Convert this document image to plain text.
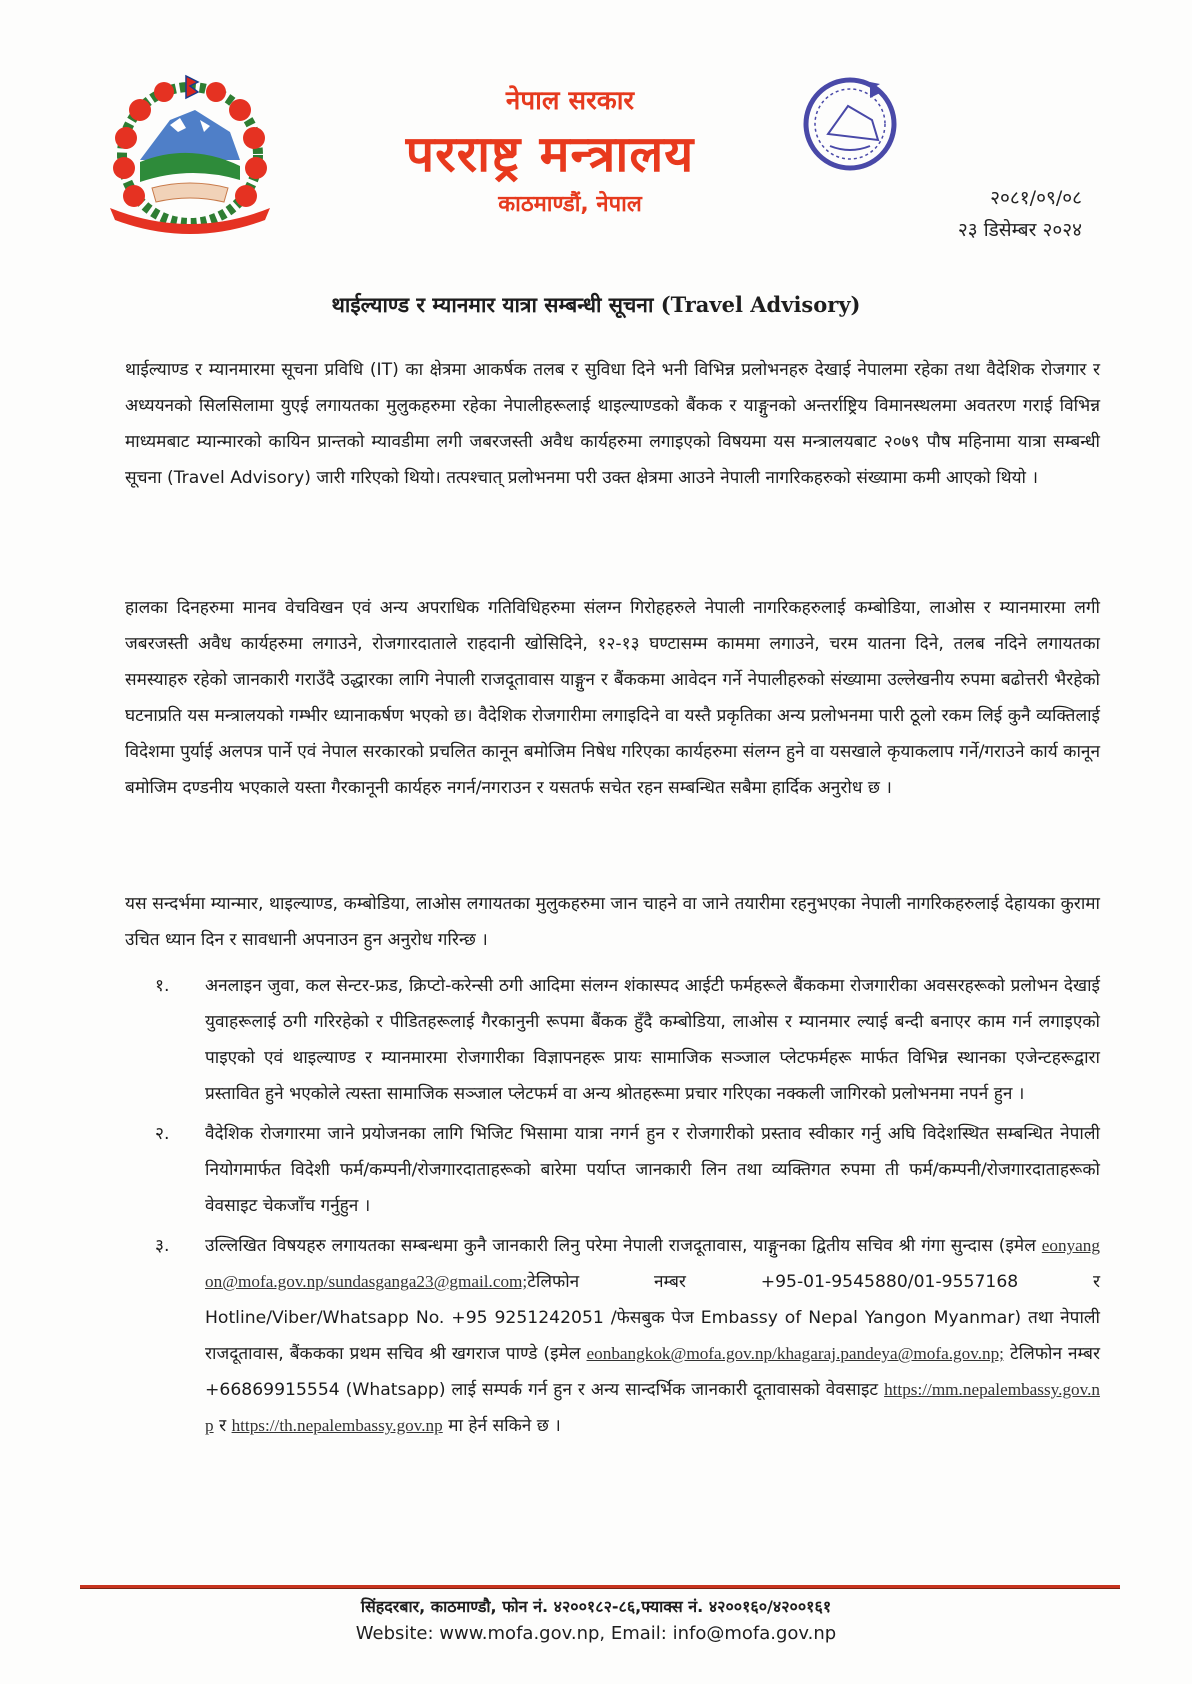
नेपाल सरकार
परराष्ट्र मन्त्रालय
काठमाण्डौं, नेपाल	२०८१/०९/०८
२३ डिसेम्बर २०२४
थाईल्याण्ड र म्यानमार यात्रा सम्बन्धी सूचना (Travel Advisory)
थाईल्याण्ड र म्यानमारमा सूचना प्रविधि (IT) का क्षेत्रमा आकर्षक तलब र सुविधा दिने भनी विभिन्न प्रलोभनहरु देखाई नेपालमा रहेका तथा वैदेशिक रोजगार र अध्ययनको सिलसिलामा युएई लगायतका मुलुकहरुमा रहेका नेपालीहरूलाई थाइल्याण्डको बैंकक र याङ्गुनको अन्तर्राष्ट्रिय विमानस्थलमा अवतरण गराई विभिन्न माध्यमबाट म्यान्मारको कायिन प्रान्तको म्यावडीमा लगी जबरजस्ती अवैध कार्यहरुमा लगाइएको विषयमा यस मन्त्रालयबाट २०७९ पौष महिनामा यात्रा सम्बन्धी सूचना (Travel Advisory) जारी गरिएको थियो। तत्पश्चात् प्रलोभनमा परी उक्त क्षेत्रमा आउने नेपाली नागरिकहरुको संख्यामा कमी आएको थियो ।
हालका दिनहरुमा मानव वेचविखन एवं अन्य अपराधिक गतिविधिहरुमा संलग्न गिरोहहरुले नेपाली नागरिकहरुलाई कम्बोडिया, लाओस र म्यानमारमा लगी जबरजस्ती अवैध कार्यहरुमा लगाउने, रोजगारदाताले राहदानी खोसिदिने, १२-१३ घण्टासम्म काममा लगाउने, चरम यातना दिने, तलब नदिने लगायतका समस्याहरु रहेको जानकारी गराउँदै उद्धारका लागि नेपाली राजदूतावास याङ्गुन र बैंककमा आवेदन गर्ने नेपालीहरुको संख्यामा उल्लेखनीय रुपमा बढोत्तरी भैरहेको घटनाप्रति यस मन्त्रालयको गम्भीर ध्यानाकर्षण भएको छ। वैदेशिक रोजगारीमा लगाइदिने वा यस्तै प्रकृतिका अन्य प्रलोभनमा पारी ठूलो रकम लिई कुनै व्यक्तिलाई विदेशमा पुर्याई अलपत्र पार्ने एवं नेपाल सरकारको प्रचलित कानून बमोजिम निषेध गरिएका कार्यहरुमा संलग्न हुने वा यसखाले कृयाकलाप गर्ने/गराउने कार्य कानून बमोजिम दण्डनीय भएकाले यस्ता गैरकानूनी कार्यहरु नगर्न/नगराउन र यसतर्फ सचेत रहन सम्बन्धित सबैमा हार्दिक अनुरोध छ ।
यस सन्दर्भमा म्यान्मार, थाइल्याण्ड, कम्बोडिया, लाओस लगायतका मुलुकहरुमा जान चाहने वा जाने तयारीमा रहनुभएका नेपाली नागरिकहरुलाई देहायका कुरामा उचित ध्यान दिन र सावधानी अपनाउन हुन अनुरोध गरिन्छ ।
१.	अनलाइन जुवा, कल सेन्टर-फ्रड, क्रिप्टो-करेन्सी ठगी आदिमा संलग्न शंकास्पद आईटी फर्महरूले बैंककमा रोजगारीका अवसरहरूको प्रलोभन देखाई युवाहरूलाई ठगी गरिरहेको र पीडितहरूलाई गैरकानुनी रूपमा बैंकक हुँदै कम्बोडिया, लाओस र म्यानमार ल्याई बन्दी बनाएर काम गर्न लगाइएको पाइएको एवं थाइल्याण्ड र म्यानमारमा रोजगारीका विज्ञापनहरू प्रायः सामाजिक सञ्जाल प्लेटफर्महरू मार्फत विभिन्न स्थानका एजेन्टहरूद्वारा प्रस्तावित हुने भएकोले त्यस्ता सामाजिक सञ्जाल प्लेटफर्म वा अन्य श्रोतहरूमा प्रचार गरिएका नक्कली जागिरको प्रलोभनमा नपर्न हुन ।
२.	वैदेशिक रोजगारमा जाने प्रयोजनका लागि भिजिट भिसामा यात्रा नगर्न हुन र रोजगारीको प्रस्ताव स्वीकार गर्नु अघि विदेशस्थित सम्बन्धित नेपाली नियोगमार्फत विदेशी फर्म/कम्पनी/रोजगारदाताहरूको बारेमा पर्याप्त जानकारी लिन तथा व्यक्तिगत रुपमा ती फर्म/कम्पनी/रोजगारदाताहरूको वेवसाइट चेकजाँच गर्नुहुन ।
३.	उल्लिखित विषयहरु लगायतका सम्बन्धमा कुनै जानकारी लिनु परेमा नेपाली राजदूतावास, याङ्गुनका द्वितीय सचिव श्री गंगा सुन्दास (इमेल eonyangon@mofa.gov.np/sundasganga23@gmail.com;टेलिफोन नम्बर +95-01-9545880/01-9557168 र Hotline/Viber/Whatsapp No. +95 9251242051 /फेसबुक पेज Embassy of Nepal Yangon Myanmar) तथा नेपाली राजदूतावास, बैंककका प्रथम सचिव श्री खगराज पाण्डे (इमेल eonbangkok@mofa.gov.np/khagaraj.pandeya@mofa.gov.np; टेलिफोन नम्बर +66869915554 (Whatsapp) लाई सम्पर्क गर्न हुन र अन्य सान्दर्भिक जानकारी दूतावासको वेवसाइट https://mm.nepalembassy.gov.np र https://th.nepalembassy.gov.np मा हेर्न सकिने छ ।
सिंहदरबार, काठमाण्डौ, फोन नं. ४२००१८२-८६,फ्याक्स नं. ४२००१६०/४२००१६१
Website: www.mofa.gov.np, Email: info@mofa.gov.np
